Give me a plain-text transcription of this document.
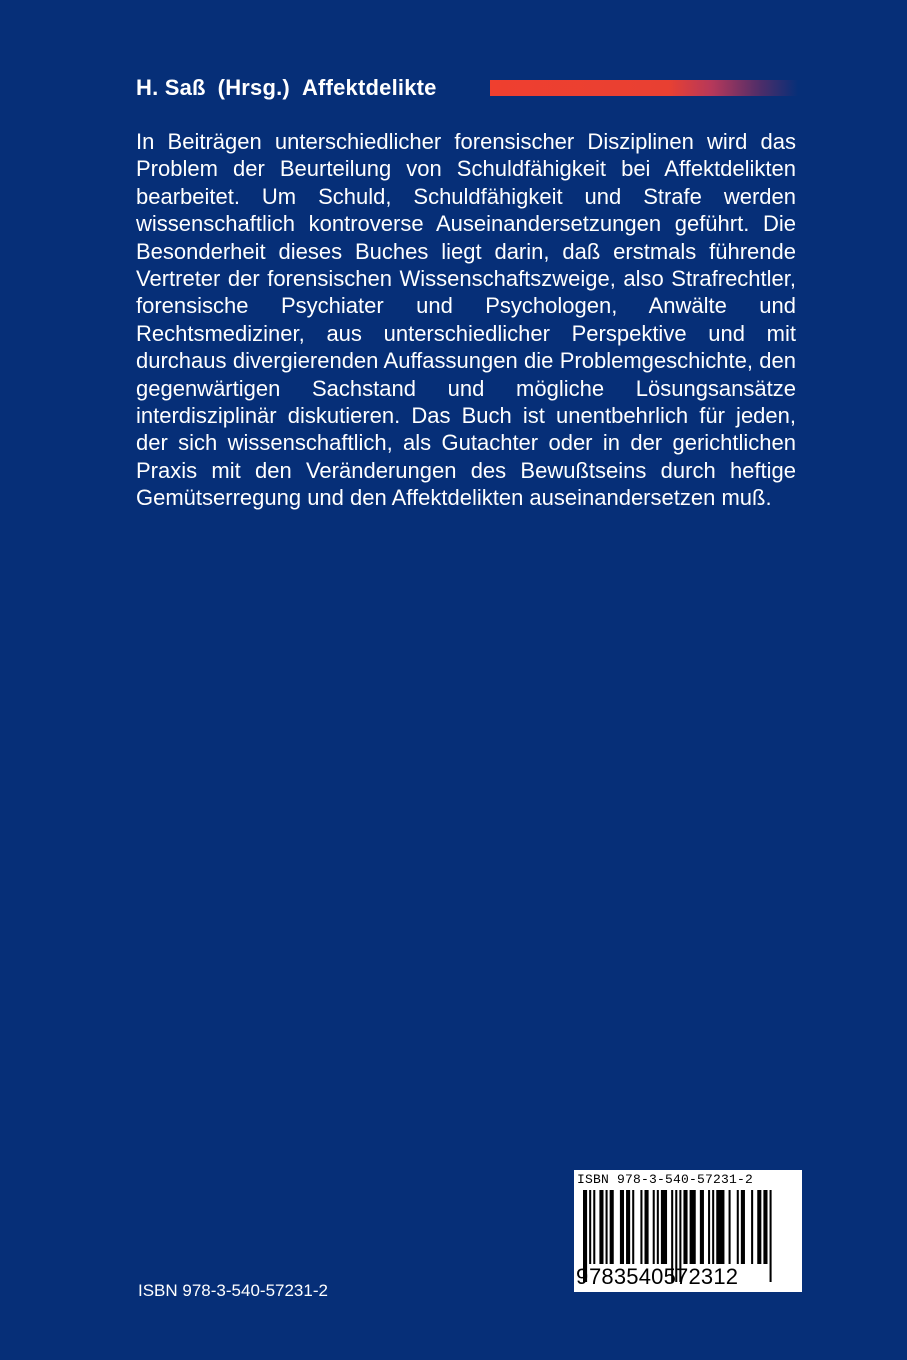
H. Saß (Hrsg.) Affektdelikte
In Beiträgen unterschiedlicher forensischer Disziplinen wird das Problem der Beurteilung von Schuldfähigkeit bei Affektdelikten bearbeitet. Um Schuld, Schuldfähigkeit und Strafe werden wissenschaftlich kontroverse Auseinandersetzungen geführt. Die Besonderheit dieses Buches liegt darin, daß erstmals führende Vertreter der forensischen Wissenschaftszweige, also Strafrechtler, forensische Psychiater und Psychologen, Anwälte und Rechtsmediziner, aus unterschiedlicher Perspektive und mit durchaus divergierenden Auffassungen die Problemgeschichte, den gegenwärtigen Sachstand und mögliche Lösungsansätze interdisziplinär diskutieren. Das Buch ist unentbehrlich für jeden, der sich wissenschaftlich, als Gutachter oder in der gerichtlichen Praxis mit den Veränderungen des Bewußtseins durch heftige Gemütserregung und den Affektdelikten auseinandersetzen muß.
ISBN 978-3-540-57231-2
9783540572312
ISBN 978-3-540-57231-2
